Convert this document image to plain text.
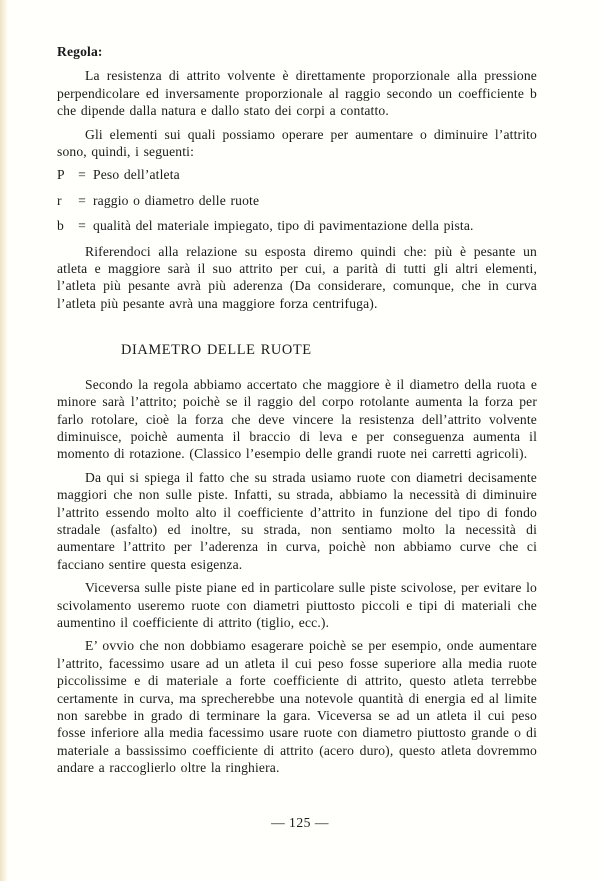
Regola:

La resistenza di attrito volvente è direttamente proporzionale alla pressione perpendicolare ed inversamente proporzionale al raggio secondo un coefficiente b che dipende dalla natura e dallo stato dei corpi a contatto.

Gli elementi sui quali possiamo operare per aumentare o diminuire l’attrito sono, quindi, i seguenti:

P = Peso dell’atleta
r	= raggio o diametro delle ruote
b	= qualità del materiale impiegato, tipo di pavimentazione della pista.

Riferendoci alla relazione su esposta diremo quindi che: più è pesante un atleta e maggiore sarà il suo attrito per cui, a parità di tutti gli altri elementi, l’atleta più pesante avrà più aderenza (Da considerare, comunque, che in curva l’atleta più pesante avrà una maggiore forza centrifuga).

DIAMETRO DELLE RUOTE

Secondo la regola abbiamo accertato che maggiore è il diametro della ruota e minore sarà l’attrito; poichè se il raggio del corpo rotolante aumenta la forza per farlo rotolare, cioè la forza che deve vincere la resistenza dell’attrito volvente diminuisce, poichè aumenta il braccio di leva e per conseguenza aumenta il momento di rotazione. (Classico l’esempio delle grandi ruote nei carretti agricoli).

Da qui si spiega il fatto che su strada usiamo ruote con diametri decisamente maggiori che non sulle piste. Infatti, su strada, abbiamo la necessità di diminuire l’attrito essendo molto alto il coefficiente d’attrito in funzione del tipo di fondo stradale (asfalto) ed inoltre, su strada, non sentiamo molto la necessità di aumentare l’attrito per l’aderenza in curva, poichè non abbiamo curve che ci facciano sentire questa esigenza.

Viceversa sulle piste piane ed in particolare sulle piste scivolose, per evitare lo scivolamento useremo ruote con diametri piuttosto piccoli e tipi di materiali che aumentino il coefficiente di attrito (tiglio, ecc.).

E’ ovvio che non dobbiamo esagerare poichè se per esempio, onde aumentare l’attrito, facessimo usare ad un atleta il cui peso fosse superiore alla media ruote piccolissime e di materiale a forte coefficiente di attrito, questo atleta terrebbe certamente in curva, ma sprecherebbe una notevole quantità di energia ed al limite non sarebbe in grado di terminare la gara. Viceversa se ad un atleta il cui peso fosse inferiore alla media facessimo usare ruote con diametro piuttosto grande o di materiale a bassissimo coefficiente di attrito (acero duro), questo atleta dovremmo andare a raccoglierlo oltre la ringhiera.

— 125 —
